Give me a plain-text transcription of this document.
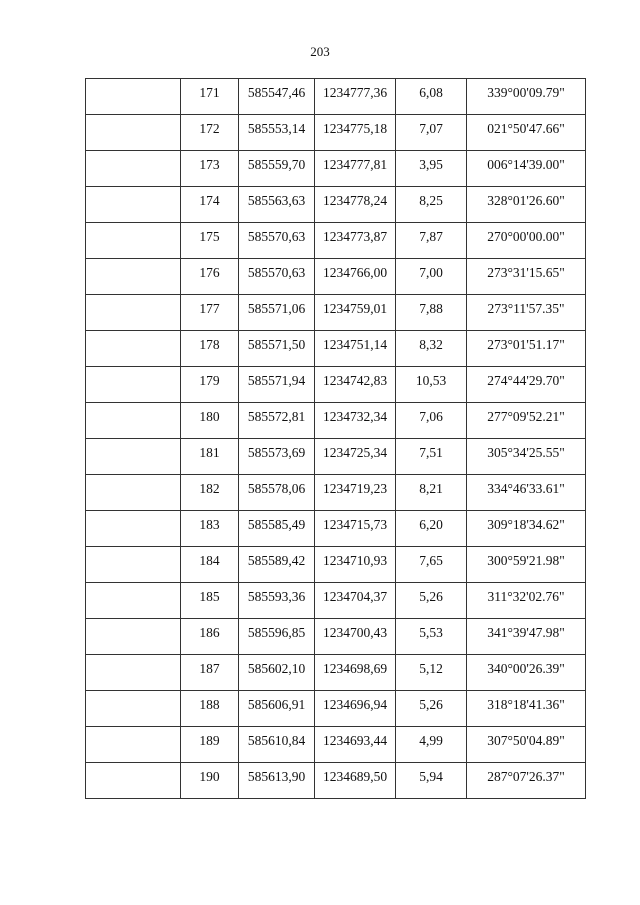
203
	171	585547,46	1234777,36	6,08	339°00'09.79"
	172	585553,14	1234775,18	7,07	021°50'47.66"
	173	585559,70	1234777,81	3,95	006°14'39.00"
	174	585563,63	1234778,24	8,25	328°01'26.60"
	175	585570,63	1234773,87	7,87	270°00'00.00"
	176	585570,63	1234766,00	7,00	273°31'15.65"
	177	585571,06	1234759,01	7,88	273°11'57.35"
	178	585571,50	1234751,14	8,32	273°01'51.17"
	179	585571,94	1234742,83	10,53	274°44'29.70"
	180	585572,81	1234732,34	7,06	277°09'52.21"
	181	585573,69	1234725,34	7,51	305°34'25.55"
	182	585578,06	1234719,23	8,21	334°46'33.61"
	183	585585,49	1234715,73	6,20	309°18'34.62"
	184	585589,42	1234710,93	7,65	300°59'21.98"
	185	585593,36	1234704,37	5,26	311°32'02.76"
	186	585596,85	1234700,43	5,53	341°39'47.98"
	187	585602,10	1234698,69	5,12	340°00'26.39"
	188	585606,91	1234696,94	5,26	318°18'41.36"
	189	585610,84	1234693,44	4,99	307°50'04.89"
	190	585613,90	1234689,50	5,94	287°07'26.37"
